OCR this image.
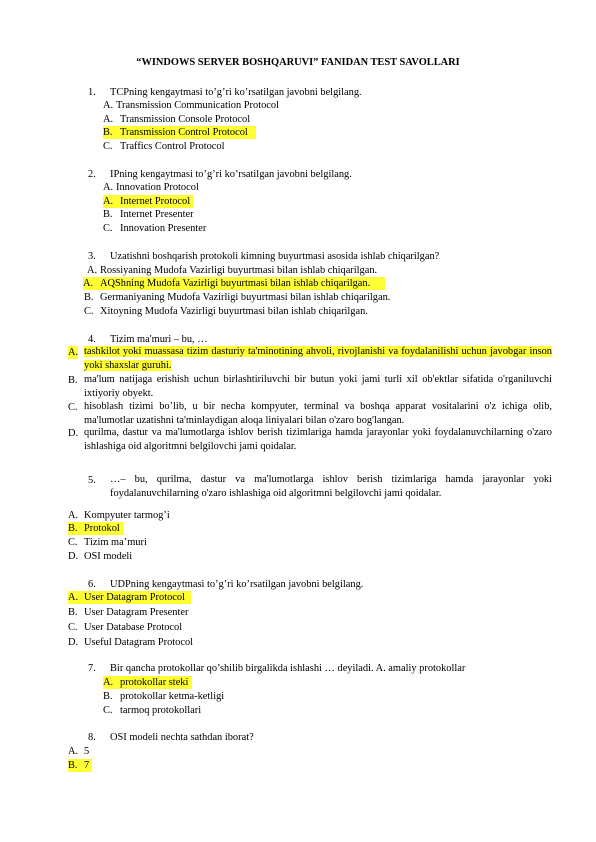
“WINDOWS SERVER BOSHQARUVI” FANIDAN TEST SAVOLLARI
1. TCPning kengaytmasi to’g’ri ko’rsatilgan javobni belgilang.
A. Transmission Communication Protocol
A. Transmission Console Protocol
B. Transmission Control Protocol
C. Traffics Control Protocol
2. IPning kengaytmasi to’g’ri ko’rsatilgan javobni belgilang.
A. Innovation Protocol
A. Internet Protocol
B. Internet Presenter
C. Innovation Presenter
3. Uzatishni boshqarish protokoli kimning buyurtmasi asosida ishlab chiqarilgan?
A. Rossiyaning Mudofa Vazirligi buyurtmasi bilan ishlab chiqarilgan.
A. AQShning Mudofa Vazirligi buyurtmasi bilan ishlab chiqarilgan.
B. Germaniyaning Mudofa Vazirligi buyurtmasi bilan ishlab chiqarilgan.
C. Xitoyning Mudofa Vazirligi buyurtmasi bilan ishlab chiqarilgan.
4. Tizim ma'muri – bu, …
A. tashkilot yoki muassasa tizim dasturiy ta'minotining ahvoli, rivojlanishi va foydalanilishi uchun javobgar inson yoki shaxslar guruhi.
B. ma'lum natijaga erishish uchun birlashtiriluvchi bir butun yoki jami turli xil ob'ektlar sifatida o'rganiluvchi ixtiyoriy obyekt.
C. hisoblash tizimi bo’lib, u bir necha kompyuter, terminal va boshqa apparat vositalarini o'z ichiga olib, ma'lumotlar uzatishni ta'minlaydigan aloqa liniyalari bilan o'zaro bog'langan.
D. qurilma, dastur va ma'lumotlarga ishlov berish tizimlariga hamda jarayonlar yoki foydalanuvchilarning o'zaro ishlashiga oid algoritmni belgilovchi jami qoidalar.
5. …– bu, qurilma, dastur va ma'lumotlarga ishlov berish tizimlariga hamda jarayonlar yoki foydalanuvchilarning o'zaro ishlashiga oid algoritmni belgilovchi jami qoidalar.
A. Kompyuter tarmog’i
B. Protokol
C. Tizim ma’muri
D. OSI modeli
6. UDPning kengaytmasi to’g’ri ko’rsatilgan javobni belgilang.
A. User Datagram Protocol
B. User Datagram Presenter
C. User Database Protocol
D. Useful Datagram Protocol
7. Bir qancha protokollar qo’shilib birgalikda ishlashi … deyiladi. A. amaliy protokollar
A. protokollar steki
B. protokollar ketma-ketligi
C. tarmoq protokollari
8. OSI modeli nechta sathdan iborat?
A. 5
B. 7
